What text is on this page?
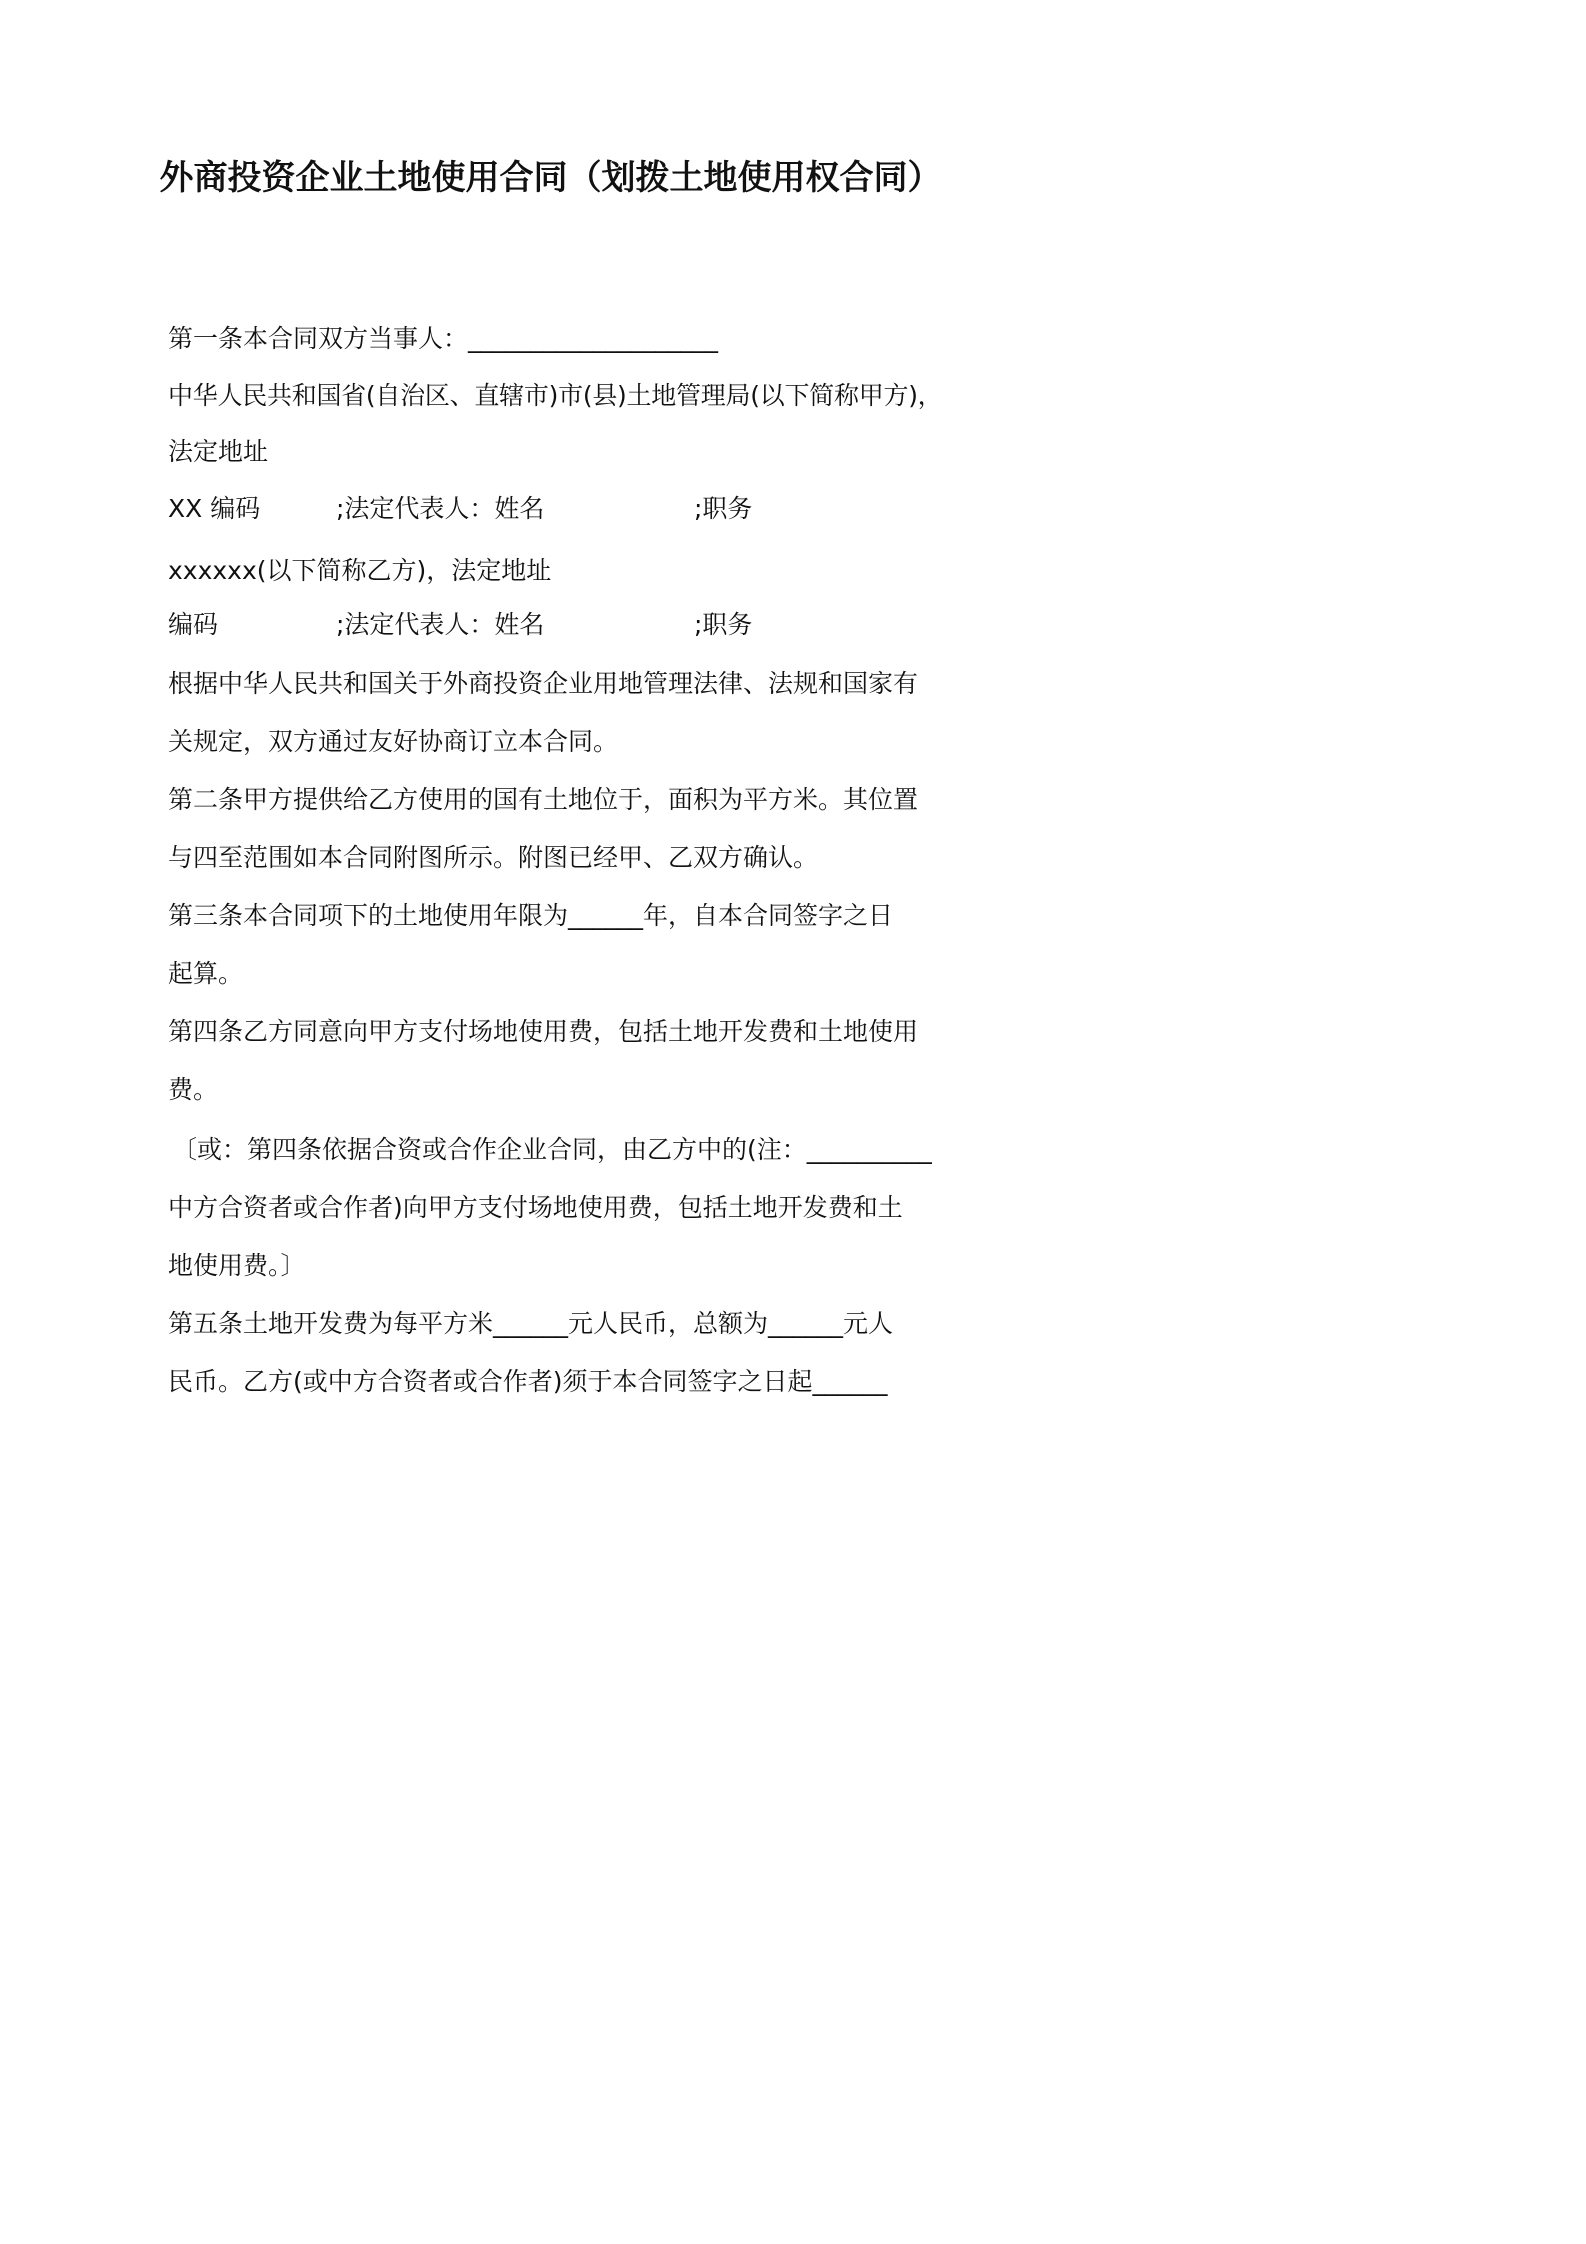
外商投资企业土地使用合同（划拨土地使用权合同）
第一条本合同双方当事人：____________________
中华人民共和国省(自治区、直辖市)市(县)土地管理局(以下简称甲方)，
法定地址
XX 编码	;法定代表人：姓名	;职务
xxxxxx(以下简称乙方)，法定地址
编码	;法定代表人：姓名	;职务
根据中华人民共和国关于外商投资企业用地管理法律、法规和国家有
关规定，双方通过友好协商订立本合同。
第二条甲方提供给乙方使用的国有土地位于，面积为平方米。其位置
与四至范围如本合同附图所示。附图已经甲、乙双方确认。
第三条本合同项下的土地使用年限为______年，自本合同签字之日
起算。
第四条乙方同意向甲方支付场地使用费，包括土地开发费和土地使用
费。
〔或：第四条依据合资或合作企业合同，由乙方中的(注：__________
中方合资者或合作者)向甲方支付场地使用费，包括土地开发费和土
地使用费。〕
第五条土地开发费为每平方米______元人民币，总额为______元人
民币。乙方(或中方合资者或合作者)须于本合同签字之日起______
